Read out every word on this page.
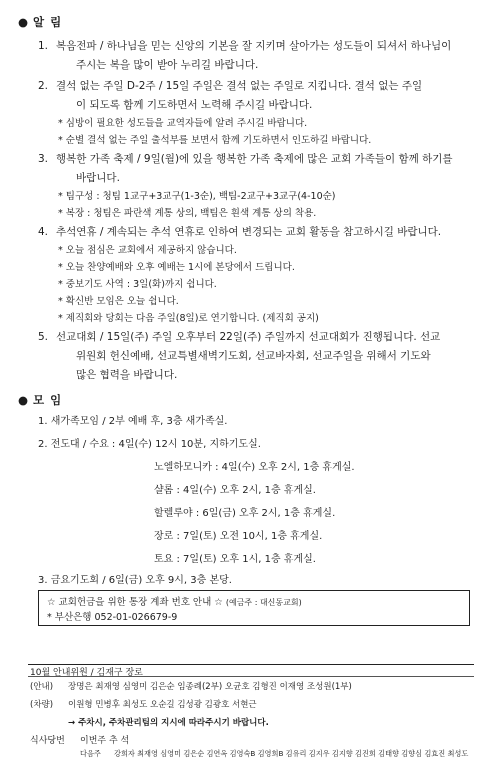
● 알 림
1. 복음전파 / 하나님을 믿는 신앙의 기본을 잘 지키며 살아가는 성도들이 되셔서 하나님이
주시는 복을 많이 받아 누리길 바랍니다.
2. 결석 없는 주일 D-2주 / 15일 주일은 결석 없는 주일로 지킵니다. 결석 없는 주일
이 되도록 함께 기도하면서 노력해 주시길 바랍니다.
* 심방이 필요한 성도들을 교역자들에 알려 주시길 바랍니다.
* 순별 결석 없는 주일 출석부를 보면서 함께 기도하면서 인도하길 바랍니다.
3. 행복한 가족 축제 / 9일(월)에 있을 행복한 가족 축제에 많은 교회 가족들이 함께 하기를
바랍니다.
* 팀구성 : 청팀 1교구+3교구(1-3순), 백팀-2교구+3교구(4-10순)
* 복장 : 청팀은 파란색 계통 상의, 백팀은 흰색 계통 상의 착용.
4. 추석연휴 / 계속되는 추석 연휴로 인하여 변경되는 교회 활동을 참고하시길 바랍니다.
* 오늘 점심은 교회에서 제공하지 않습니다.
* 오늘 찬양예배와 오후 예배는 1시에 본당에서 드립니다.
* 중보기도 사역 : 3일(화)까지 쉽니다.
* 확신반 모임은 오늘 쉽니다.
* 제직회와 당회는 다음 주일(8일)로 연기합니다. (제직회 공지)
5. 선교대회 / 15일(주) 주일 오후부터 22일(주) 주일까지 선교대회가 진행됩니다. 선교
위원회 헌신예배, 선교특별새벽기도회, 선교바자회, 선교주일을 위해서 기도와
많은 협력을 바랍니다.
● 모 임
1. 새가족모임 / 2부 예배 후, 3층 새가족실.
2. 전도대 / 수요 : 4일(수) 12시 10분, 지하기도실.
노엘하모니카 : 4일(수) 오후 2시, 1층 휴게실.
샬롬 : 4일(수) 오후 2시, 1층 휴게실.
할렐루야 : 6일(금) 오후 2시, 1층 휴게실.
장로 : 7일(토) 오전 10시, 1층 휴게실.
토요 : 7일(토) 오후 1시, 1층 휴게실.
3. 금요기도회 / 6일(금) 오후 9시, 3층 본당.
☆ 교회헌금을 위한 통장 계좌 번호 안내 ☆ (예금주 : 대신동교회)
* 부산은행 052-01-026679-9
10월 안내위원 / 김재구 장로
(안내) 장명은 최재영 심영미 김은순 임종례(2부) 오균호 김형진 이재영 조성원(1부)
(차량) 이원형 민병후 최성도 오순길 김성광 김광호 서현근
→ 주차시, 주차관리팀의 지시에 따라주시기 바랍니다.
식사당번 이번주 추 석
다음주 강희자 최재영 심영미 김은순 김연옥 김영숙B 김영희B 김유리 김지우 김지향 김진희 김태향 김향심 김효진 최성도
